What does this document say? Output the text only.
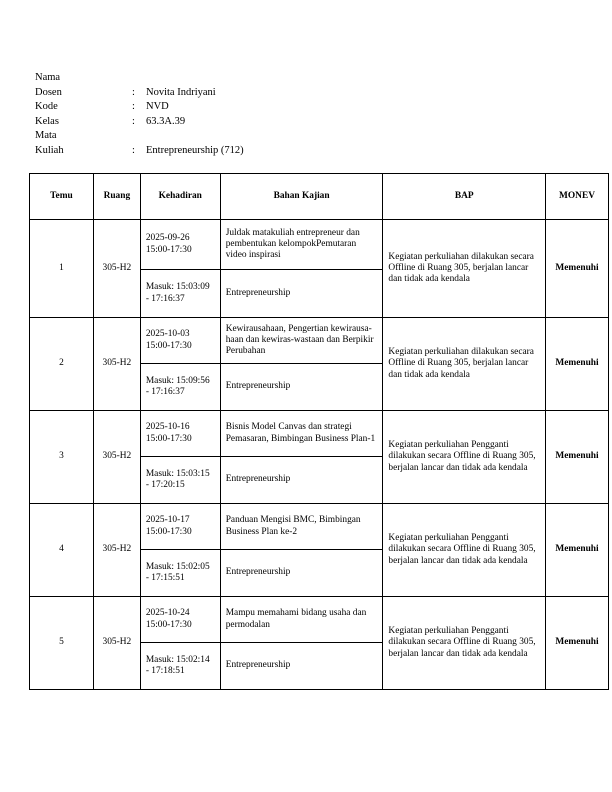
Nama
Dosen	: Novita Indriyani
Kode	: NVD
Kelas	: 63.3A.39
Mata
Kuliah	: Entrepreneurship (712)
Temu	Ruang	Kehadiran	Bahan Kajian	BAP	MONEV
1	305-H2	2025-09-26 15:00-17:30	Juldak matakuliah entrepreneur dan pembentukan kelompokPemutaran video inspirasi	Kegiatan perkuliahan dilakukan secara Offline di Ruang 305, berjalan lancar dan tidak ada kendala	Memenuhi
		Masuk: 15:03:09 - 17:16:37	Entrepreneurship		
2	305-H2	2025-10-03 15:00-17:30	Kewirausahaan, Pengertian kewirausa-haan dan kewiras-wastaan dan Berpikir Perubahan	Kegiatan perkuliahan dilakukan secara Offline di Ruang 305, berjalan lancar dan tidak ada kendala	Memenuhi
		Masuk: 15:09:56 - 17:16:37	Entrepreneurship		
3	305-H2	2025-10-16 15:00-17:30	Bisnis Model Canvas dan strategi Pemasaran, Bimbingan Business Plan-1	Kegiatan perkuliahan Pengganti dilakukan secara Offline di Ruang 305, berjalan lancar dan tidak ada kendala	Memenuhi
		Masuk: 15:03:15 - 17:20:15	Entrepreneurship		
4	305-H2	2025-10-17 15:00-17:30	Panduan Mengisi BMC, Bimbingan Business Plan ke-2	Kegiatan perkuliahan Pengganti dilakukan secara Offline di Ruang 305, berjalan lancar dan tidak ada kendala	Memenuhi
		Masuk: 15:02:05 - 17:15:51	Entrepreneurship		
5	305-H2	2025-10-24 15:00-17:30	Mampu memahami bidang usaha dan permodalan	Kegiatan perkuliahan Pengganti dilakukan secara Offline di Ruang 305, berjalan lancar dan tidak ada kendala	Memenuhi
		Masuk: 15:02:14 - 17:18:51	Entrepreneurship		
